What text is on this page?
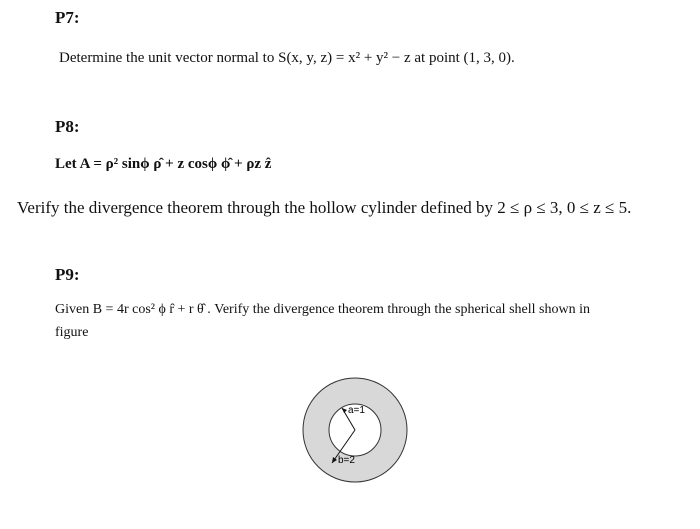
P7:
Determine the unit vector normal to S(x, y, z) = x² + y² − z at point (1, 3, 0).
P8:
Let A = ρ² sinϕ ρ̂ + z cosϕ ϕ̂ + ρz ẑ
Verify the divergence theorem through the hollow cylinder defined by 2 ≤ ρ ≤ 3, 0 ≤ z ≤ 5.
P9:
Given B = 4r cos² ϕ r̂ + r θ̂ . Verify the divergence theorem through the spherical shell shown in
figure
a=1
b=2
